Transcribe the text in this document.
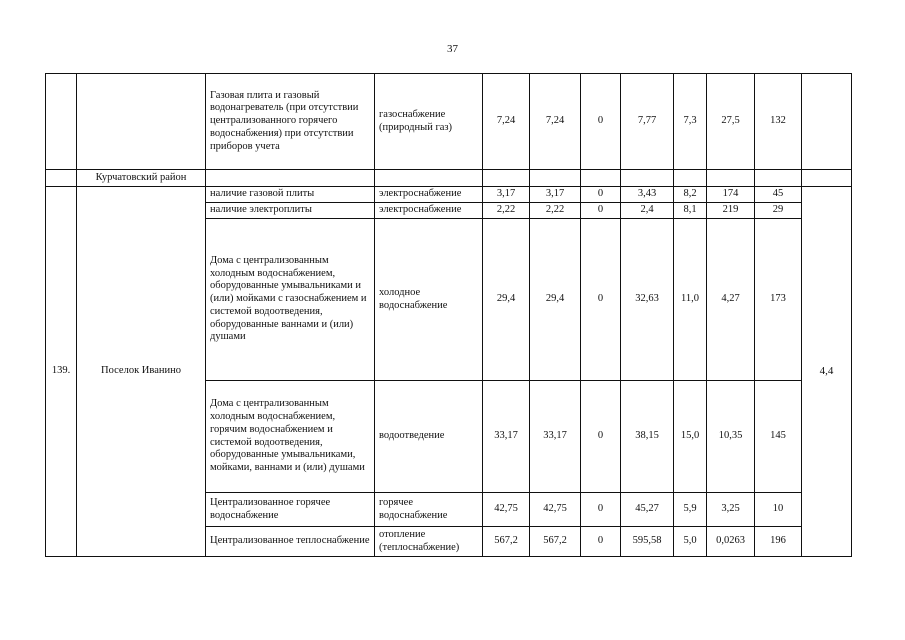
37
		Газовая плита и газовый водонагреватель (при отсутствии централизованного горячего водоснабжения) при отсутствии приборов учета	газоснабжение (природный газ)	7,24	7,24	0	7,77	7,3	27,5	132	
	Курчатовский район										
139.	Поселок Иванино	наличие газовой плиты	электроснабжение	3,17	3,17	0	3,43	8,2	174	45	4,4
		наличие электроплиты	электроснабжение	2,22	2,22	0	2,4	8,1	219	29	
		Дома с централизованным холодным водоснабжением, оборудованные умывальниками и (или) мойками с газоснабжением и системой водоотведения, оборудованные ваннами и (или) душами	холодное водоснабжение	29,4	29,4	0	32,63	11,0	4,27	173	
		Дома с централизованным холодным водоснабжением, горячим водоснабжением и системой водоотведения, оборудованные умывальниками, мойками, ваннами и (или) душами	водоотведение	33,17	33,17	0	38,15	15,0	10,35	145	
		Централизованное горячее водоснабжение	горячее водоснабжение	42,75	42,75	0	45,27	5,9	3,25	10	
		Централизованное теплоснабжение	отопление (теплоснабжение)	567,2	567,2	0	595,58	5,0	0,0263	196	
